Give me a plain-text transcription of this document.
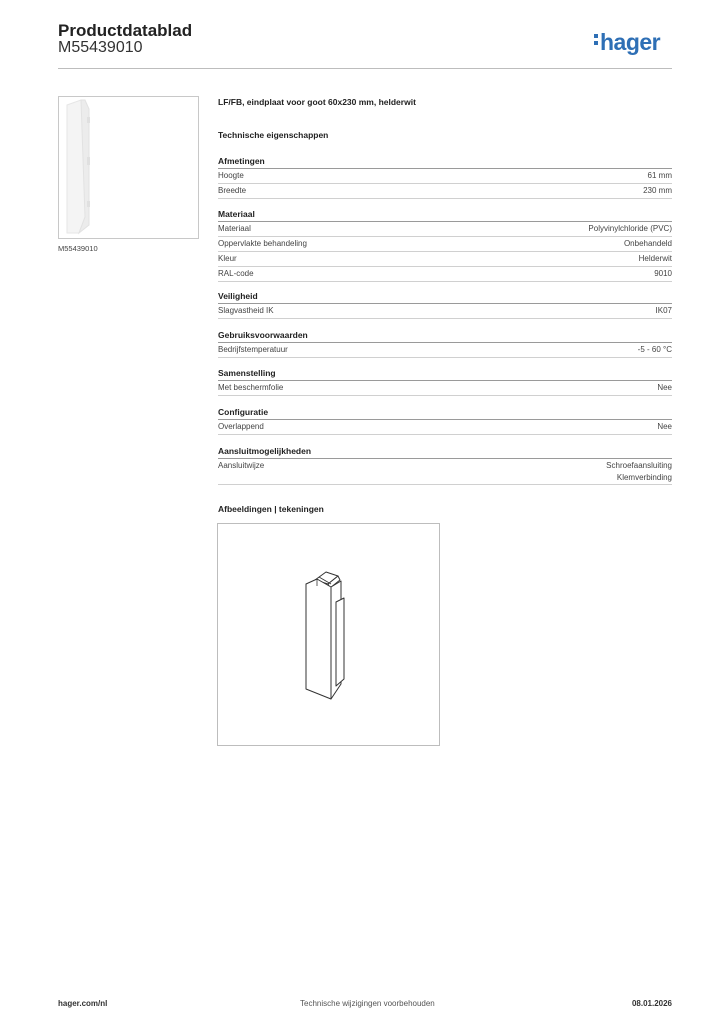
Productdatablad
M55439010	hager
M55439010
LF/FB, eindplaat voor goot 60x230 mm, helderwit
Technische eigenschappen
Afmetingen
Hoogte	61 mm
Breedte	230 mm
Materiaal
Materiaal	Polyvinylchloride (PVC)
Oppervlakte behandeling	Onbehandeld
Kleur	Helderwit
RAL-code	9010
Veiligheid
Slagvastheid IK	IK07
Gebruiksvoorwaarden
Bedrijfstemperatuur	-5 - 60 °C
Samenstelling
Met beschermfolie	Nee
Configuratie
Overlappend	Nee
Aansluitmogelijkheden
Aansluitwijze	Schroefaansluiting
Klemverbinding
Afbeeldingen | tekeningen
hager.com/nl	Technische wijzigingen voorbehouden	08.01.2026
